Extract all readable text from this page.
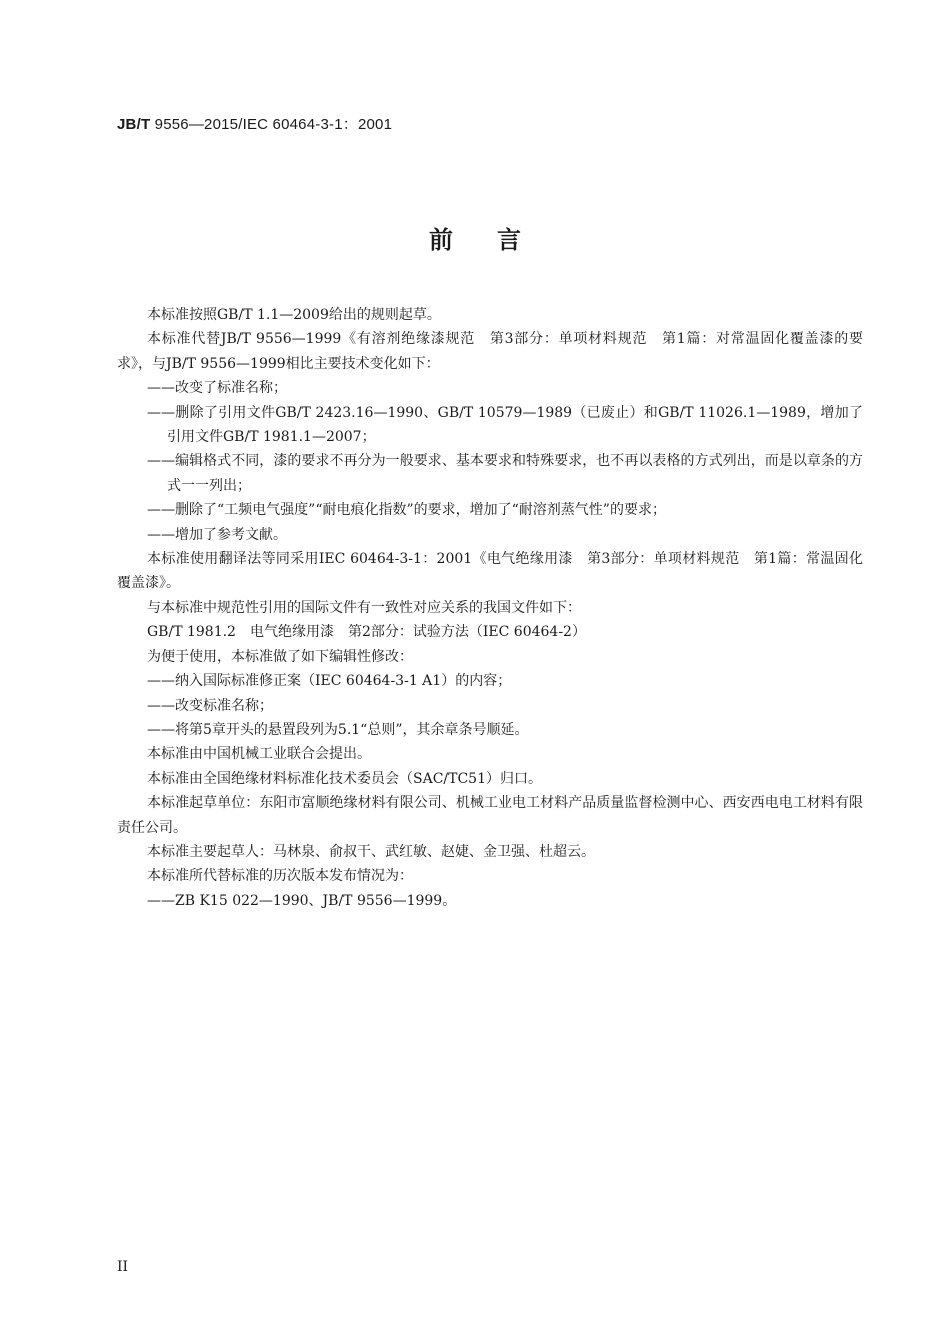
JB/T 9556—2015/IEC 60464-3-1：2001
前言

本标准按照GB/T 1.1—2009给出的规则起草。

本标准代替JB/T 9556—1999《有溶剂绝缘漆规范　第3部分：单项材料规范　第1篇：对常温固化覆盖漆的要求》，与JB/T 9556—1999相比主要技术变化如下：

——改变了标准名称；

——删除了引用文件GB/T 2423.16—1990、GB/T 10579—1989（已废止）和GB/T 11026.1—1989，增加了引用文件GB/T 1981.1—2007；

——编辑格式不同，漆的要求不再分为一般要求、基本要求和特殊要求，也不再以表格的方式列出，而是以章条的方式一一列出；

——删除了“工频电气强度”“耐电痕化指数”的要求，增加了“耐溶剂蒸气性”的要求；

——增加了参考文献。

本标准使用翻译法等同采用IEC 60464-3-1：2001《电气绝缘用漆　第3部分：单项材料规范　第1篇：常温固化覆盖漆》。

与本标准中规范性引用的国际文件有一致性对应关系的我国文件如下：

GB/T 1981.2　电气绝缘用漆　第2部分：试验方法（IEC 60464-2）

为便于使用，本标准做了如下编辑性修改：

——纳入国际标准修正案（IEC 60464-3-1 A1）的内容；

——改变标准名称；

——将第5章开头的悬置段列为5.1“总则”，其余章条号顺延。

本标准由中国机械工业联合会提出。

本标准由全国绝缘材料标准化技术委员会（SAC/TC51）归口。

本标准起草单位：东阳市富顺绝缘材料有限公司、机械工业电工材料产品质量监督检测中心、西安西电电工材料有限责任公司。

本标准主要起草人：马林泉、俞叔干、武红敏、赵婕、金卫强、杜超云。

本标准所代替标准的历次版本发布情况为：

——ZB K15 022—1990、JB/T 9556—1999。

II
